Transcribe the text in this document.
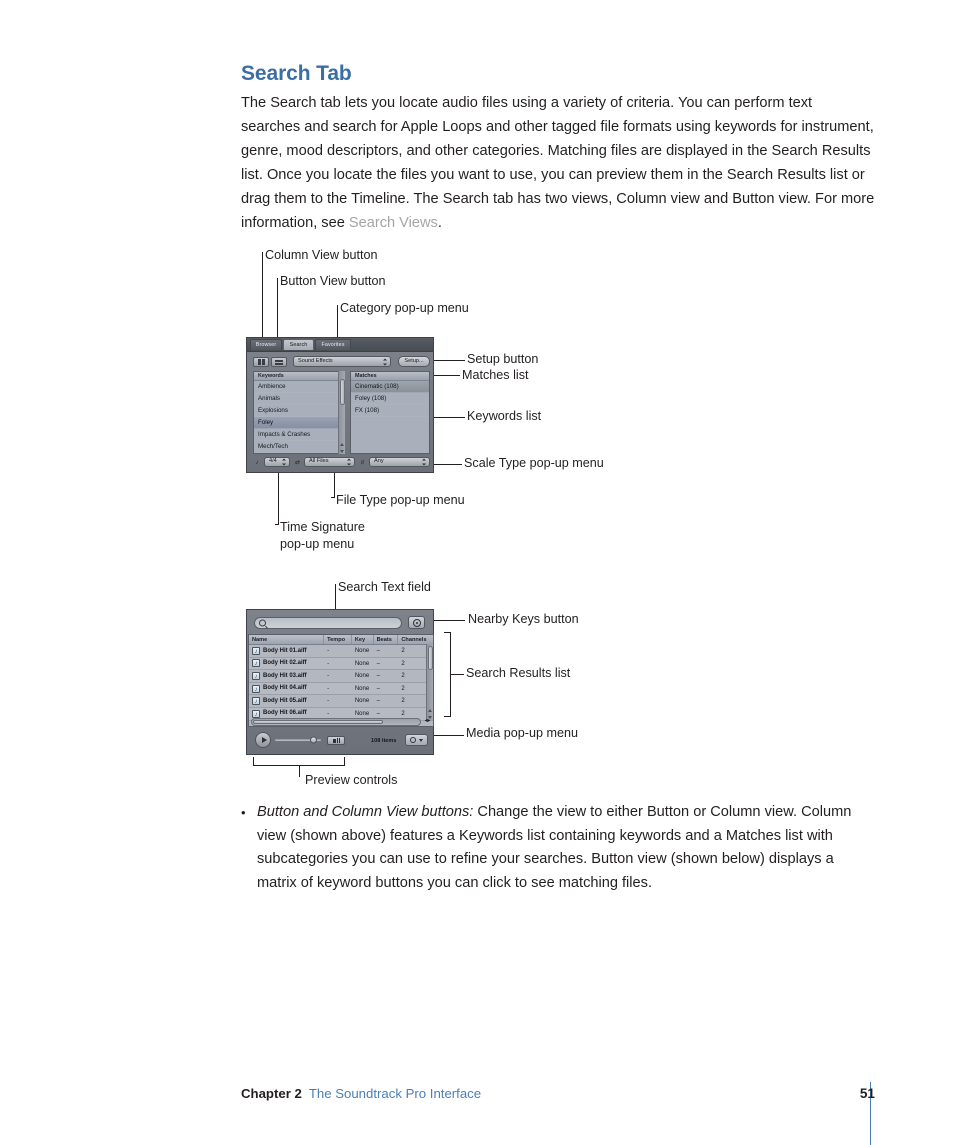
Search Tab
The Search tab lets you locate audio files using a variety of criteria. You can perform text searches and search for Apple Loops and other tagged file formats using keywords for instrument, genre, mood descriptors, and other categories. Matching files are displayed in the Search Results list. Once you locate the files you want to use, you can preview them in the Search Results list or drag them to the Timeline. The Search tab has two views, Column view and Button view. For more information, see Search Views.
Column View button
Button View button
Category pop-up menu
Setup button
Matches list
Keywords list
Scale Type pop-up menu
File Type pop-up menu
Time Signature
pop-up menu
Browser	Search	Favorites
Sound Effects	Setup...
Keywords
Ambience
Animals
Explosions
Foley
Impacts & Crashes
Mech/Tech
Matches
Cinematic (108)
Foley (108)
FX (108)
♪	4/4	⇄	All Files	♯	Any
Search Text field
Nearby Keys button
Search Results list
Media pop-up menu
Preview controls
Name	Tempo	Key	Beats	Channels
♪
Body Hit 01.aiff	-	None	–	2
♪
Body Hit 02.aiff	-	None	–	2
♪
Body Hit 03.aiff	-	None	–	2
♪
Body Hit 04.aiff	-	None	–	2
♪
Body Hit 05.aiff	-	None	–	2
♪
Body Hit 06.aiff	-	None	–	2
◂▸
108 items
• Button and Column View buttons: Change the view to either Button or Column view. Column view (shown above) features a Keywords list containing keywords and a Matches list with subcategories you can use to refine your searches. Button view (shown below) displays a matrix of keyword buttons you can click to see matching files.
Chapter 2 The Soundtrack Pro Interface	51
